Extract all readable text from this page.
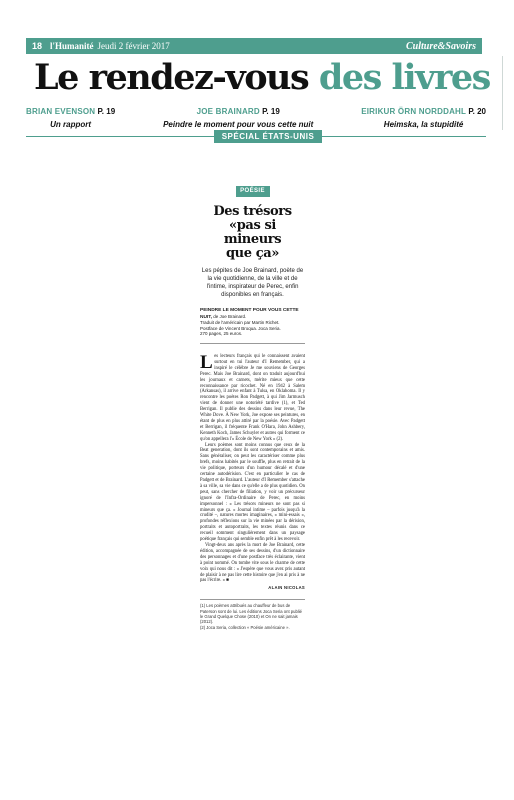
18 l'Humanité Jeudi 2 février 2017	Culture&Savoirs
Le rendez-vous des livres
BRIAN EVENSON P. 19
Un rapport
JOE BRAINARD P. 19
Peindre le moment pour vous cette nuit
EIRIKUR ÖRN NORDDAHL P. 20
Heimska, la stupidité
SPÉCIAL ÉTATS-UNIS
POÉSIE
Des trésors
«pas si mineurs
que ça»
Les pépites de Joe Brainard, poète de la vie quotidienne, de la ville et de l'intime, inspirateur de Perec, enfin disponibles en français.
PEINDRE LE MOMENT POUR VOUS CETTE NUIT, de Joe Brainard.
Traduit de l'américain par Martin Richet.
Postface de Vincent Broqua. Joca Seria.
270 pages, 25 euros.

Les lecteurs français qui le connaissent avaient surtout en tui l'auteur d'I Remember, qui a inspiré le célèbre Je me souviens de Georges Perec. Mais Joe Brainard, dont on traduit aujourd'hui les journaux et carnets, mérite mieux que cette reconnaissance par ricochet. Né en 1942 à Salem (Arkansas), il arrive enfant à Tulsa, en Oklahoma. Il y rencontre les poètes Ron Padgett, à qui Jim Jarmusch vient de donner une notoriété tardive (1), et Ted Berrigan. Il publie des dessins dans leur revue, The White Dove. À New York, Joe expose ses peintures, en étant de plus en plus attiré par la poésie. Avec Padgett et Berrigan, il fréquente Frank O'Hara, John Ashbery, Kenneth Koch, James Schuyler et autres qui forment ce qu'on appellera l'« École de New York » (2).

Leurs poèmes sont moins connus que ceux de la Beat generation, dont ils sont contemporains et amis. Sans généraliser, on peut les caractériser comme plus brefs, moins habités par le souffle, plus en retrait de la vie politique, porteurs d'un humour décalé et d'une certaine autodérision. C'est en particulier le cas de Padgett et de Brainard. L'auteur d'I Remember s'attache à sa ville, sa vie dans ce qu'elle a de plus quotidien. On peut, sans chercher de filiation, y voir un précurseur ignoré de l'Infra-Ordinaire de Perec, en moins impersonnel : « Les trésors mineurs ne sont pas si mineurs que ça. » Journal intime – parfois jusqu'à la crudité –, natures mortes imaginaires, « mini-essais », profondes réflexions sur la vie minées par la dérision, portraits et autoportraits, les textes réunis dans ce recueil somment singulièrement dans un paysage poétique français qui semble enfin prêt à les recevoir.

Vingt-deux ans après la mort de Joe Brainard, cette édition, accompagnée de ses dessins, d'un dictionnaire des personnages et d'une postface très éclairante, vient à point nommé. On tombe vite sous le charme de cette voix qui nous dit : « J'espère que vous avez pris autant de plaisir à ne pas lire cette histoire que j'en ai pris à ne pas l'écrire. » ■

ALAIN NICOLAS
(1) Les poèmes attribués au chauffeur de bus de Paterson sont de lui. Les éditions Joca Seria ont publié le Grand Quelque Chose (2010) et On ne sait jamais (2012).
(2) Joca Seria, collection « Poésie américaine ».
